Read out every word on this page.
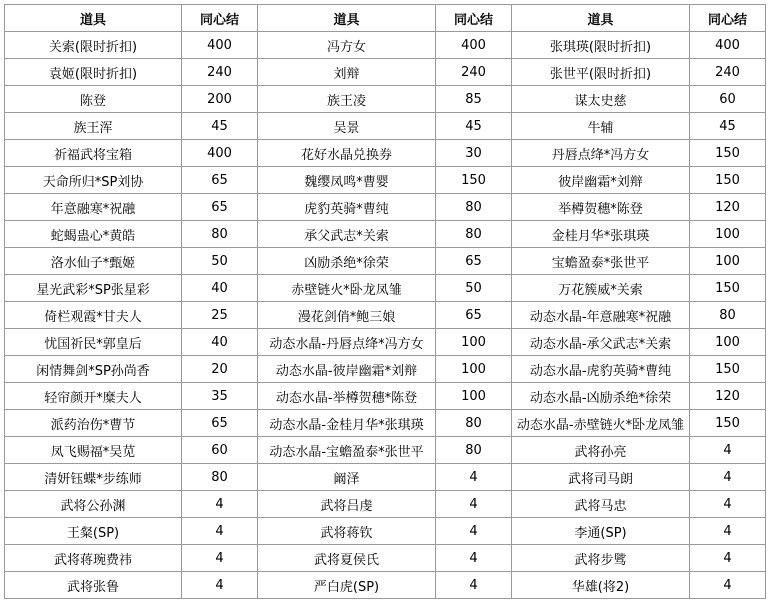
道具	同心结	道具	同心结	道具	同心结
关索(限时折扣)	400	冯方女	400	张琪瑛(限时折扣)	400
袁姬(限时折扣)	240	刘辩	240	张世平(限时折扣)	240
陈登	200	族王凌	85	谋太史慈	60
族王浑	45	吴景	45	牛辅	45
祈福武将宝箱	400	花好水晶兑换券	30	丹唇点绛*冯方女	150
天命所归*SP刘协	65	魏缨凤鸣*曹婴	150	彼岸幽霜*刘辩	150
年意融寒*祝融	65	虎豹英骑*曹纯	80	举樽贺穗*陈登	120
蛇蝎蛊心*黄皓	80	承父武志*关索	80	金桂月华*张琪瑛	100
洛水仙子*甄姬	50	凶励杀绝*徐荣	65	宝蟾盈泰*张世平	100
星光武彩*SP张星彩	40	赤壁链火*卧龙凤雏	50	万花簇威*关索	150
倚栏观霞*甘夫人	25	漫花剑俏*鲍三娘	65	动态水晶-年意融寒*祝融	80
忧国祈民*郭皇后	40	动态水晶-丹唇点绛*冯方女	100	动态水晶-承父武志*关索	100
闲情舞剑*SP孙尚香	20	动态水晶-彼岸幽霜*刘辩	100	动态水晶-虎豹英骑*曹纯	150
轻帘颜开*糜夫人	35	动态水晶-举樽贺穗*陈登	100	动态水晶-凶励杀绝*徐荣	120
派药治伤*曹节	65	动态水晶-金桂月华*张琪瑛	80	动态水晶-赤壁链火*卧龙凤雏	150
凤飞赐福*吴苋	60	动态水晶-宝蟾盈泰*张世平	80	武将孙亮	4
清妍钰蝶*步练师	80	阚泽	4	武将司马朗	4
武将公孙渊	4	武将吕虔	4	武将马忠	4
王粲(SP)	4	武将蒋钦	4	李通(SP)	4
武将蒋琬费祎	4	武将夏侯氏	4	武将步骘	4
武将张鲁	4	严白虎(SP)	4	华雄(将2)	4
